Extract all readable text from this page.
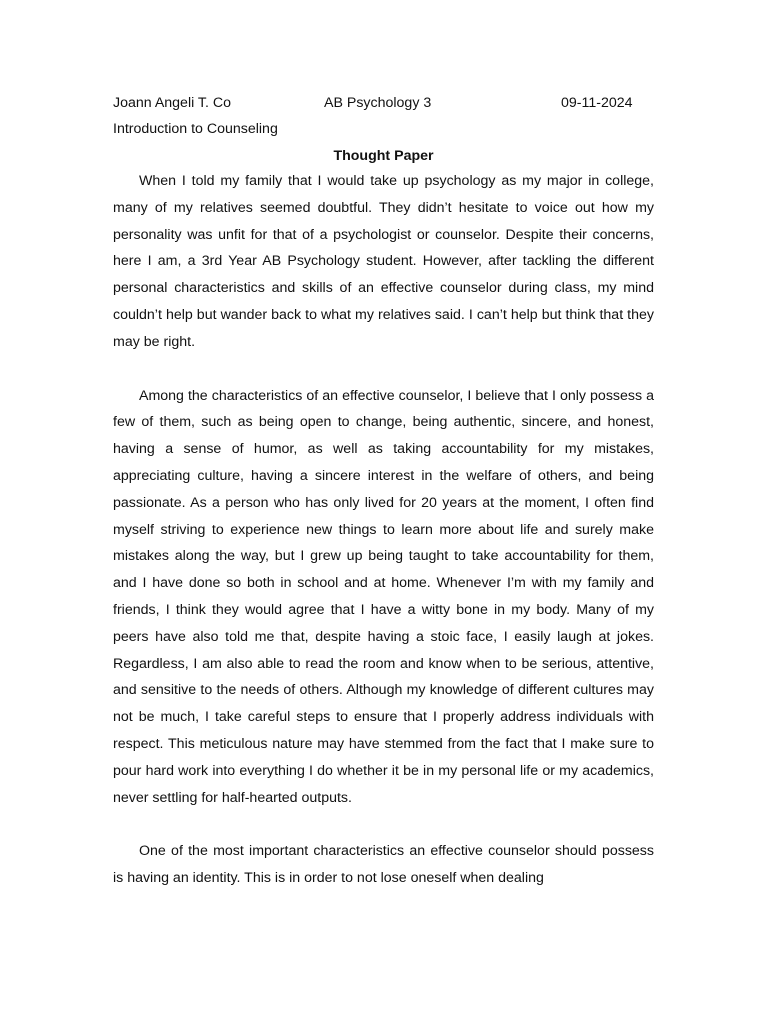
Joann Angeli T. Co	AB Psychology 3	09-11-2024
Introduction to Counseling
Thought Paper

When I told my family that I would take up psychology as my major in college, many of my relatives seemed doubtful. They didn’t hesitate to voice out how my personality was unfit for that of a psychologist or counselor. Despite their concerns, here I am, a 3rd Year AB Psychology student. However, after tackling the different personal characteristics and skills of an effective counselor during class, my mind couldn’t help but wander back to what my relatives said. I can’t help but think that they may be right.

Among the characteristics of an effective counselor, I believe that I only possess a few of them, such as being open to change, being authentic, sincere, and honest, having a sense of humor, as well as taking accountability for my mistakes, appreciating culture, having a sincere interest in the welfare of others, and being passionate. As a person who has only lived for 20 years at the moment, I often find myself striving to experience new things to learn more about life and surely make mistakes along the way, but I grew up being taught to take accountability for them, and I have done so both in school and at home. Whenever I’m with my family and friends, I think they would agree that I have a witty bone in my body. Many of my peers have also told me that, despite having a stoic face, I easily laugh at jokes. Regardless, I am also able to read the room and know when to be serious, attentive, and sensitive to the needs of others. Although my knowledge of different cultures may not be much, I take careful steps to ensure that I properly address individuals with respect. This meticulous nature may have stemmed from the fact that I make sure to pour hard work into everything I do whether it be in my personal life or my academics, never settling for half-hearted outputs.

One of the most important characteristics an effective counselor should possess is having an identity. This is in order to not lose oneself when dealing
